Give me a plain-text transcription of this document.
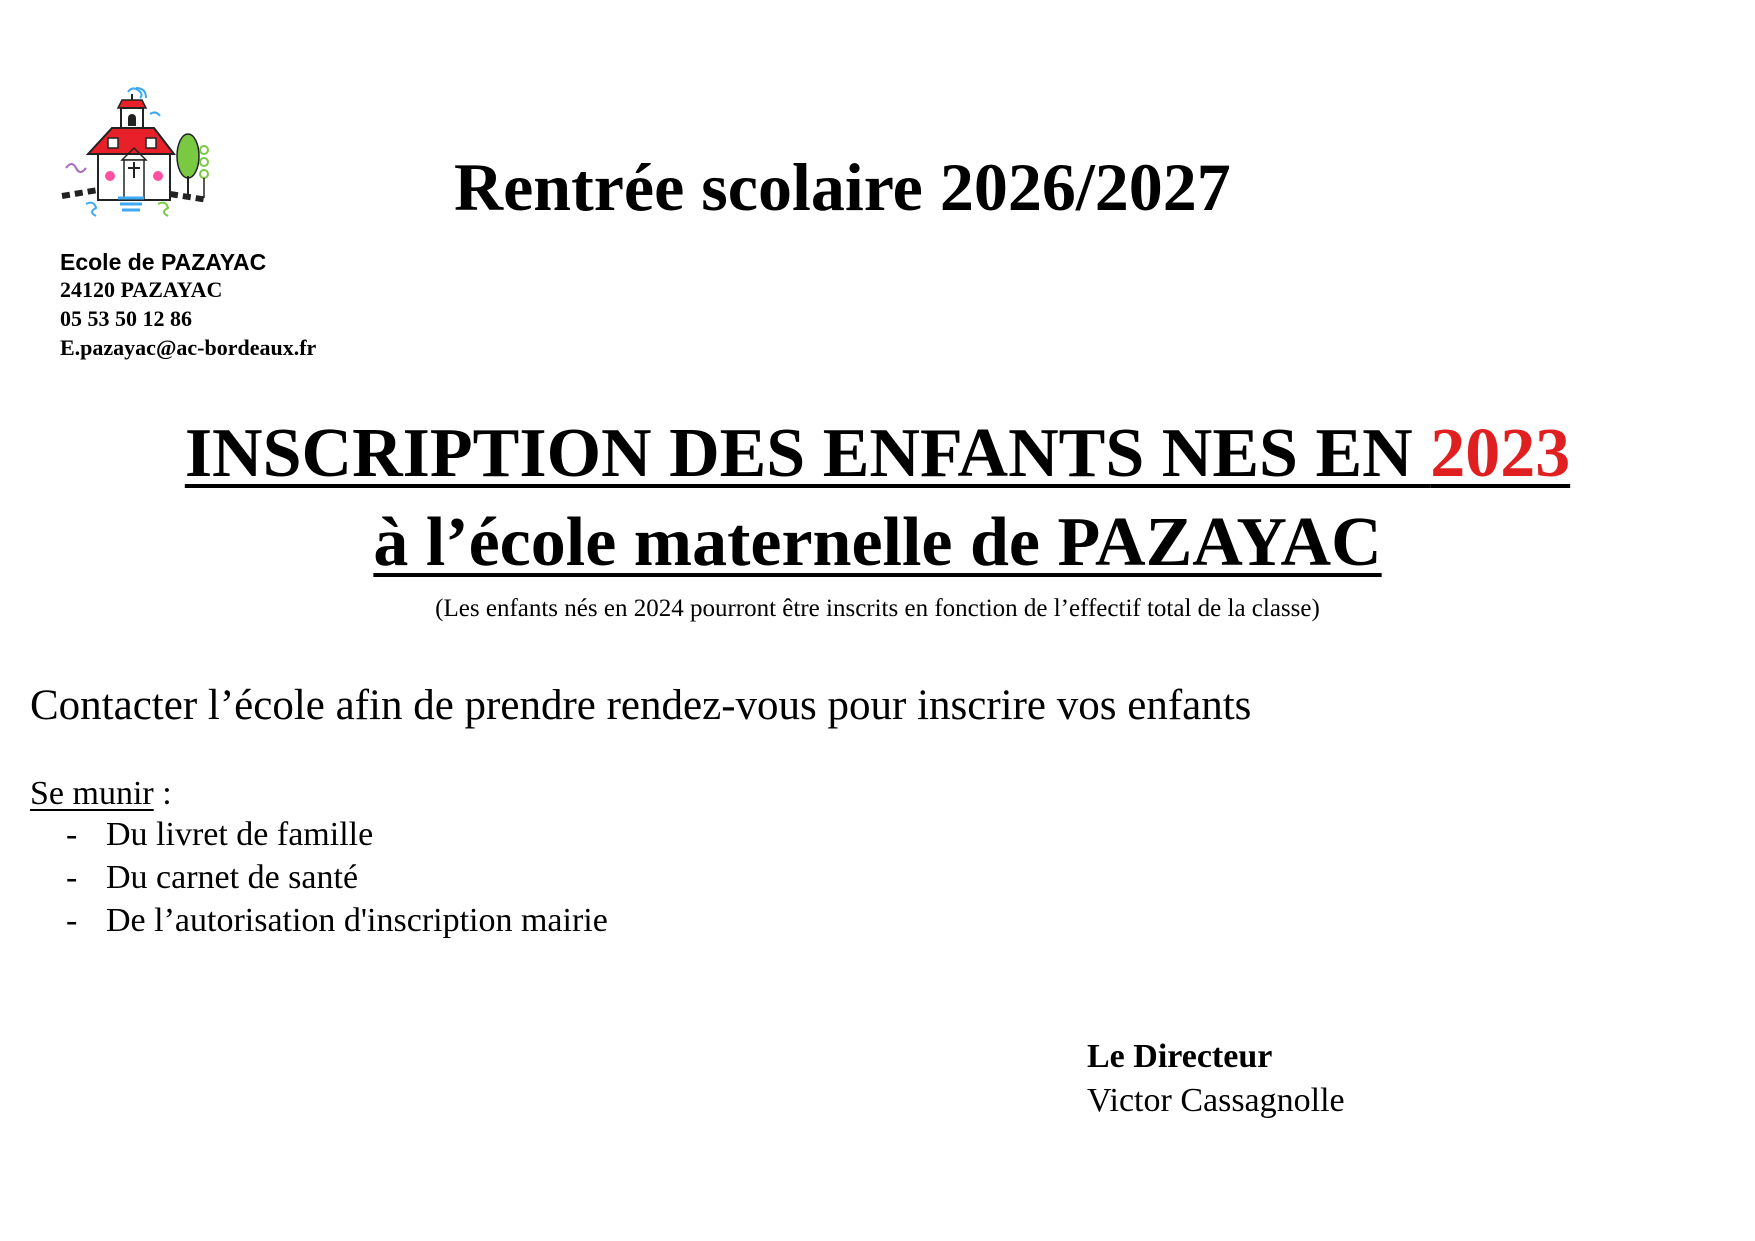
Ecole de PAZAYAC
24120 PAZAYAC
05 53 50 12 86
E.pazayac@ac-bordeaux.fr
Rentrée scolaire 2026/2027
INSCRIPTION DES ENFANTS NES EN 2023
à l’école maternelle de PAZAYAC
(Les enfants nés en 2024 pourront être inscrits en fonction de l’effectif total de la classe)
Contacter l’école afin de prendre rendez-vous pour inscrire vos enfants
Se munir :
- Du livret de famille
- Du carnet de santé
- De l’autorisation d'inscription mairie
Le Directeur
Victor Cassagnolle
